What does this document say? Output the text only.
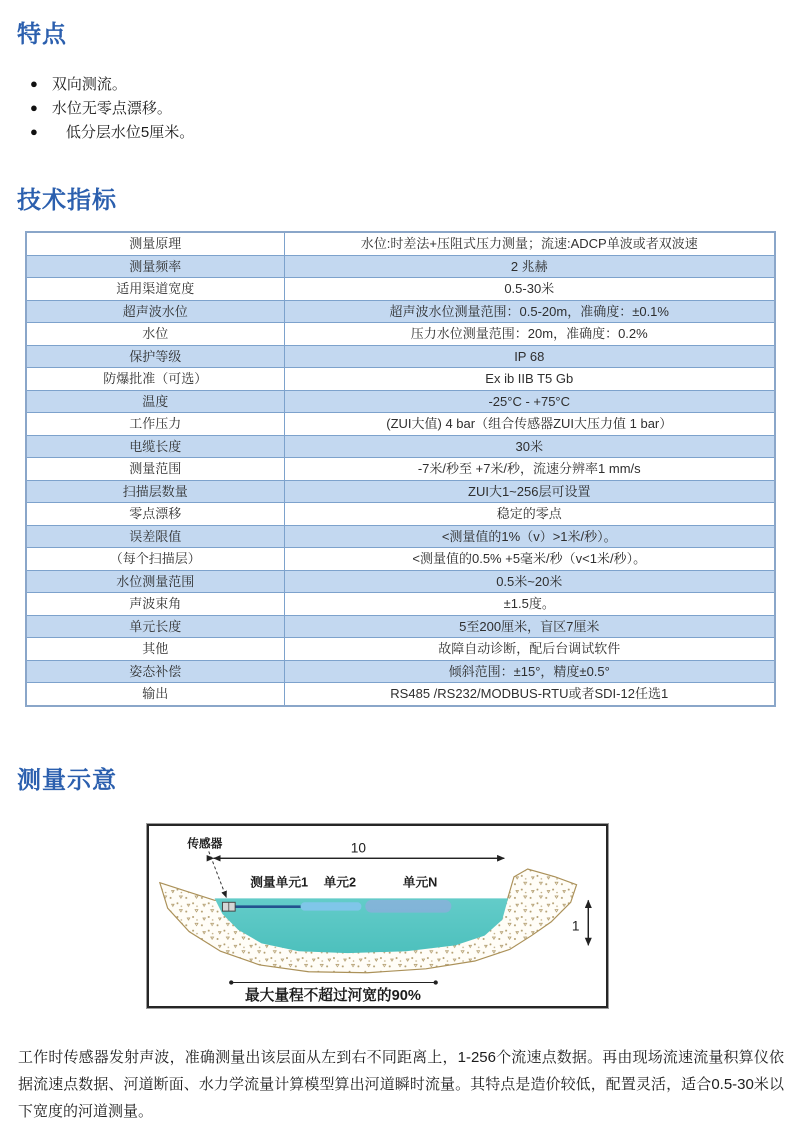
特点
● 双向测流。
● 水位无零点漂移。
●	低分层水位5厘米。
技术指标
测量原理	水位:时差法+压阻式压力测量；流速:ADCP单波或者双波速
测量频率	2 兆赫
适用渠道宽度	0.5-30米
超声波水位	超声波水位测量范围：0.5-20m，准确度：±0.1%
水位	压力水位测量范围：20m，准确度：0.2%
保护等级	IP 68
防爆批准（可选）	Ex ib IIB T5 Gb
温度	-25°C - +75°C
工作压力	(ZUI大值) 4 bar（组合传感器ZUI大压力值 1 bar）
电缆长度	30米
测量范围	-7米/秒至 +7米/秒，流速分辨率1 mm/s
扫描层数量	ZUI大1~256层可设置
零点漂移	稳定的零点
误差限值	<测量值的1%（v）>1米/秒）。
（每个扫描层）	<测量值的0.5% +5毫米/秒（v<1米/秒）。
水位测量范围	0.5米~20米
声波束角	±1.5度。
单元长度	5至200厘米，盲区7厘米
其他	故障自动诊断，配后台调试软件
姿态补偿	倾斜范围：±15°，精度±0.5°
输出	RS485 /RS232/MODBUS-RTU或者SDI-12任选1
测量示意
传感器	10
测量单元1 单元2	单元N
1
最大量程不超过河宽的90%

工作时传感器发射声波，准确测量出该层面从左到右不同距离上，1-256个流速点数据。再由现场流速流量积算仪依据流速点数据、河道断面、水力学流量计算模型算出河道瞬时流量。其特点是造价较低，配置灵活，适合0.5-30米以下宽度的河道测量。
